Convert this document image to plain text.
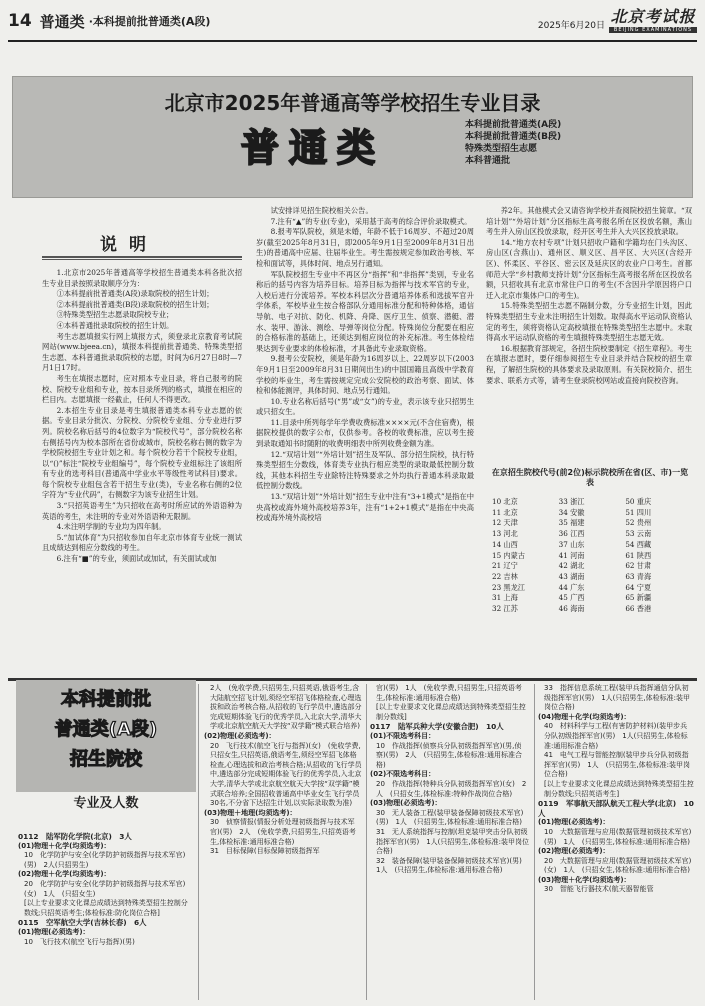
14 普通类 ·本科提前批普通类(A段)	2025年6月20日 北京考试报
BEIJING EXAMINATIONS
北京市2025年普通高等学校招生专业目录
普通类
本科提前批普通类(A段)
本科提前批普通类(B段)
特殊类型招生志愿
本科普通批
说明

1.北京市2025年普通高等学校招生普通类本科各批次招生专业目录按照录取顺序分为：

①本科提前批普通类(A段)录取院校的招生计划；

②本科提前批普通类(B段)录取院校的招生计划；

③特殊类型招生志愿录取院校专业；

④本科普通批录取院校的招生计划。

考生志愿填报实行网上填报方式，须登录北京教育考试院网站(www.bjeea.cn)，填报本科提前批普通类、特殊类型招生志愿、本科普通批录取院校的志愿，时间为6月27日8时—7月1日17时。

考生在填报志愿时，应对照本专业目录，将自己报考的院校、院校专业组和专业，按本目录所列的格式，填报在相应的栏目内。志愿填报一经截止，任何人不得更改。

2.本招生专业目录是考生填报普通类本科专业志愿的依据。专业目录分批次、分院校、分院校专业组、分专业进行罗列。院校名称后括号的4位数字为“院校代号”，部分院校名称右侧括号内为校本部所在省份或城市，院校名称右侧的数字为学校院校招生专业计划之和。每个院校分若干个院校专业组，以“()”标注“院校专业组编号”，每个院校专业组标注了该组所有专业的选考科目(普通高中学业水平等级性考试科目)要求。每个院校专业组包含若干招生专业(类)，专业名称右侧的2位字符为“专业代码”，右侧数字为该专业招生计划。

3.“只招英语考生”为只招收在高考时所应试的外语语种为英语的考生，未注明的专业对外语语种无限制。

4.未注明学制的专业均为四年制。

5.“加试体育”为只招收参加自年北京市体育专业统一测试且成绩达到相应分数线的考生。

6.注有“■”的专业，须面试或加试，有关面试或加

试安排详见招生院校相关公告。

7.注有“▲”的专业(专业)，采用基于高考的综合评价录取模式。

8.报考军队院校，须是未婚，年龄不低于16周岁、不超过20周岁(截至2025年8月31日，即2005年9月1日至2009年8月31日出生)的普通高中应届、往届毕业生。考生需按规定参加政治考核、军检和面试等，具体时间、地点另行通知。

军队院校招生专业中不再区分“指挥”和“非指挥”类别，专业名称后的括号内容为培养目标。培养目标为指挥与技术军官的专业，入校后进行分流培养。军校本科层次分普通培养体系和选拔军官升学体系，军校毕业生按合格部队分通用标准分配和特种体格，通信导航、电子对抗、防化、机降、舟降、医疗卫生、侦察、潜艇、潜水、装甲、游泳、测绘、导弹等岗位分配。特殊岗位分配要在相应的合格标准的基础上，还须达到相应岗位的补充标准。考生体检结果达到专业要求的体检标准，才具备此专业录取资格。

9.报考公安院校，须是年龄为16周岁以上、22周岁以下(2003年9月1日至2009年8月31日期间出生)的中国国籍且高级中学教育学校的毕业生，考生需按规定完成公安院校的政治考察、面试、体检和体能测评，具体时间、地点另行通知。

10.专业名称后括号(“男”或“女”)的专业，表示该专业只招男生或只招女生。

11.目录中所列每学年学费收费标准××××元(不含住宿费)，根据院校提供的数字公布，仅供参考。各校的收费标准，应以考生接到录取通知书时随附的收费明细表中所列收费金额为准。

12.“双培计划”“外培计划”招生及军队、部分招生院校，执行特殊类型招生分数线，体育类专业执行相应类型的录取最低控制分数线，其他本科招生专业除特注特殊要求之外均执行普通本科录取最低控制分数线。

13.“双培计划”“外培计划”招生专业中注有“3+1模式”是指在中央高校或海外境外高校培养3年，注有“1+2+1模式”是指在中央高校或海外境外高校培

养2年。其他模式会又请咨询学校并查阅院校招生简章。“双培计划”“外培计划”分区指标生高考报名所在区投放名额，燕山考生并入房山区投放录取，经开区考生并入大兴区投放录取。

14.“地方农村专项”计划只招收户籍和学籍均在门头沟区、房山区(含燕山)、通州区、顺义区、昌平区、大兴区(含经开区)、怀柔区、平谷区、密云区及延庆区的农业户口考生。首都师范大学“乡村教师支持计划”分区指标生高考报名所在区投放名额，只招收具有北京市常住户口的考生(不含因升学原因将户口迁入北京市集体户口的考生)。

15.特殊类型招生志愿不隔制分数，分专业招生计划，因此特殊类型招生专业未注明招生计划数。取得高水平运动队资格认定的考生，须将资格认定高校填报在特殊类型招生志愿中。未取得高水平运动队资格的考生填报特殊类型招生志愿无效。

16.根据教育部规定，各招生院校要制定《招生章程》。考生在填报志愿时，要仔细参阅招生专业目录并结合院校的招生章程，了解招生院校的具体要求及录取原则。有关院校简介、招生要求、联系方式等，请考生登录院校网站或直接向院校咨询。

在京招生院校代号(前2位)标示院校所在省(区、市)一览表
10 北京	33 浙江	50 重庆
11 北京	34 安徽	51 四川
12 天津	35 福建	52 贵州
13 河北	36 江西	53 云南
14 山西	37 山东	54 西藏
15 内蒙古	41 河南	61 陕西
21 辽宁	42 湖北	62 甘肃
22 吉林	43 湖南	63 青海
23 黑龙江	44 广东	64 宁夏
31 上海	45 广西	65 新疆
32 江苏	46 海南	66 香港
本科提前批
普通类(A段)
招生院校
专业及人数
0112　陆军防化学院(北京)　3人
(01)物理＋化学(均须选考)：
10　化学防护与安全(化学防护初级指挥与技术军官)(男)　2人(只招男生)
(02)物理＋化学(均须选考)：
20　化学防护与安全(化学防护初级指挥与技术军官)(女)　1人　(只招女生)
[以上专业要求文化课总成绩达到特殊类型招生控制分数线;只招英语考生;体检标准:防化岗位合格]
0115　空军航空大学(吉林长春)　6人
(01)物理(必须选考)：
10　飞行技术(航空飞行与指挥)(男)
2人　(免收学费,只招男生,只招英语,俄语考生,含大陆航空招飞计划,须经空军招飞体格检查,心理选拔和政治考核合格,从招收的飞行学员中,遴选部分完成短期体验飞行的优秀学员,入北京大学,清华大学或北京航空航天大学按“双学籍”模式联合培养)
(02)物理(必须选考)：
20　飞行技术(航空飞行与指挥)(女)　(免收学费,只招女生,只招英语,俄语考生,须经空军招飞体格检查,心理选拔和政治考核合格;从招收的飞行学员中,遴选部分完成短期体验飞行的优秀学员,入北京大学,清华大学或北京航空航天大学按“双学籍”模式联合培养;全国招收普通高中毕业女生飞行学员30名,不分省下达招生计划,以实际录取数为准)
(03)物理＋地理(均须选考)：
30　侦察情报(情报分析处理初级指挥与技术军官)(男)　2人　(免收学费,只招男生,只招英语考生,体检标准:通用标准合格)
31　目标保障(目标保障初级指挥军
官)(男)　1人　(免收学费,只招男生,只招英语考生,体检标准:通用标准合格)
[以上专业要求文化课总成绩达到特殊类型招生控制分数线]
0117　陆军兵种大学(安徽合肥)　10人
(01)不限选考科目：
10　作战指挥(侦察兵分队初级指挥军官)(男,侦察)(男)　2人　(只招男生,体检标准:通用标准合格)
(02)不限选考科目：
20　作战指挥(特种兵分队初级指挥军官)(女)　2人　(只招女生,体检标准:特种作战岗位合格)
(03)物理(必须选考)：
30　无人装备工程(装甲装备保障初级技术军官)(男)　1人　(只招男生,体检标准:通用标准合格)
31　无人系统指挥与控制(坦克装甲突击分队初级指挥军官)(男)　1人(只招男生,体检标准:装甲岗位合格)
32　装备保障(装甲装备保障初级技术军官)(男)　1人　(只招男生,体检标准:通用标准合格)
33　指挥信息系统工程(装甲兵指挥通信分队初级指挥军官)(男)　1人(只招男生,体检标准:装甲岗位合格)
(04)物理＋化学(均须选考)：
40　材料科学与工程(有害防护材料)(装甲步兵分队初级指挥军官)(男)　1人(只招男生,体检标准:通用标准合格)
41　电气工程与智能控制(装甲步兵分队初级指挥军官)(男)　1人　(只招男生,体检标准:装甲岗位合格)
[以上专业要求文化课总成绩达到特殊类型招生控制分数线;只招英语考生]
0119　军事航天部队航天工程大学(北京)　10人
(01)物理(必须选考)：
10　大数据管理与应用(数据管理初级技术军官)(男)　1人　(只招男生,体检标准:通用标准合格)
(02)物理(必须选考)：
20　大数据管理与应用(数据管理初级技术军官)(女)　1人　(只招女生,体检标准:通用标准合格)
(03)物理＋化学(均须选考)：
30　智能飞行器技术(航天器智能管
